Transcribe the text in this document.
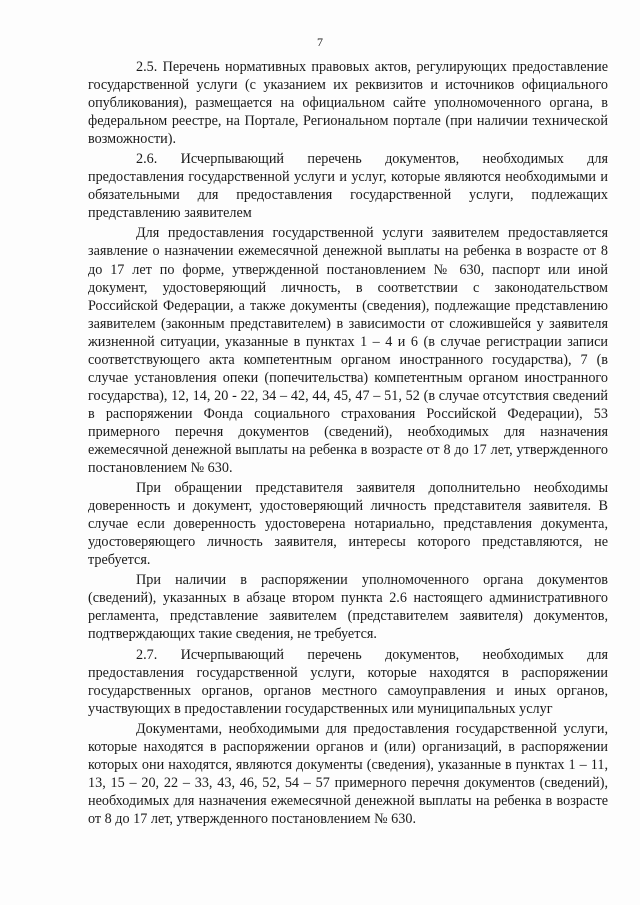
7

2.5. Перечень нормативных правовых актов, регулирующих предоставление государственной услуги (с указанием их реквизитов и источников официального опубликования), размещается на официальном сайте уполномоченного органа, в федеральном реестре, на Портале, Региональном портале (при наличии технической возможности).

2.6. Исчерпывающий перечень документов, необходимых для предоставления государственной услуги и услуг, которые являются необходимыми и обязательными для предоставления государственной услуги, подлежащих представлению заявителем

Для предоставления государственной услуги заявителем предоставляется заявление о назначении ежемесячной денежной выплаты на ребенка в возрасте от 8 до 17 лет по форме, утвержденной постановлением № 630, паспорт или иной документ, удостоверяющий личность, в соответствии с законодательством Российской Федерации, а также документы (сведения), подлежащие представлению заявителем (законным представителем) в зависимости от сложившейся у заявителя жизненной ситуации, указанные в пунктах 1 – 4 и 6 (в случае регистрации записи соответствующего акта компетентным органом иностранного государства), 7 (в случае установления опеки (попечительства) компетентным органом иностранного государства), 12, 14, 20 - 22, 34 – 42, 44, 45, 47 – 51, 52 (в случае отсутствия сведений в распоряжении Фонда социального страхования Российской Федерации), 53 примерного перечня документов (сведений), необходимых для назначения ежемесячной денежной выплаты на ребенка в возрасте от 8 до 17 лет, утвержденного постановлением № 630.

При обращении представителя заявителя дополнительно необходимы доверенность и документ, удостоверяющий личность представителя заявителя. В случае если доверенность удостоверена нотариально, представления документа, удостоверяющего личность заявителя, интересы которого представляются, не требуется.

При наличии в распоряжении уполномоченного органа документов (сведений), указанных в абзаце втором пункта 2.6 настоящего административного регламента, представление заявителем (представителем заявителя) документов, подтверждающих такие сведения, не требуется.

2.7. Исчерпывающий перечень документов, необходимых для предоставления государственной услуги, которые находятся в распоряжении государственных органов, органов местного самоуправления и иных органов, участвующих в предоставлении государственных или муниципальных услуг

Документами, необходимыми для предоставления государственной услуги, которые находятся в распоряжении органов и (или) организаций, в распоряжении которых они находятся, являются документы (сведения), указанные в пунктах 1 – 11, 13, 15 – 20, 22 – 33, 43, 46, 52, 54 – 57 примерного перечня документов (сведений), необходимых для назначения ежемесячной денежной выплаты на ребенка в возрасте от 8 до 17 лет, утвержденного постановлением № 630.
